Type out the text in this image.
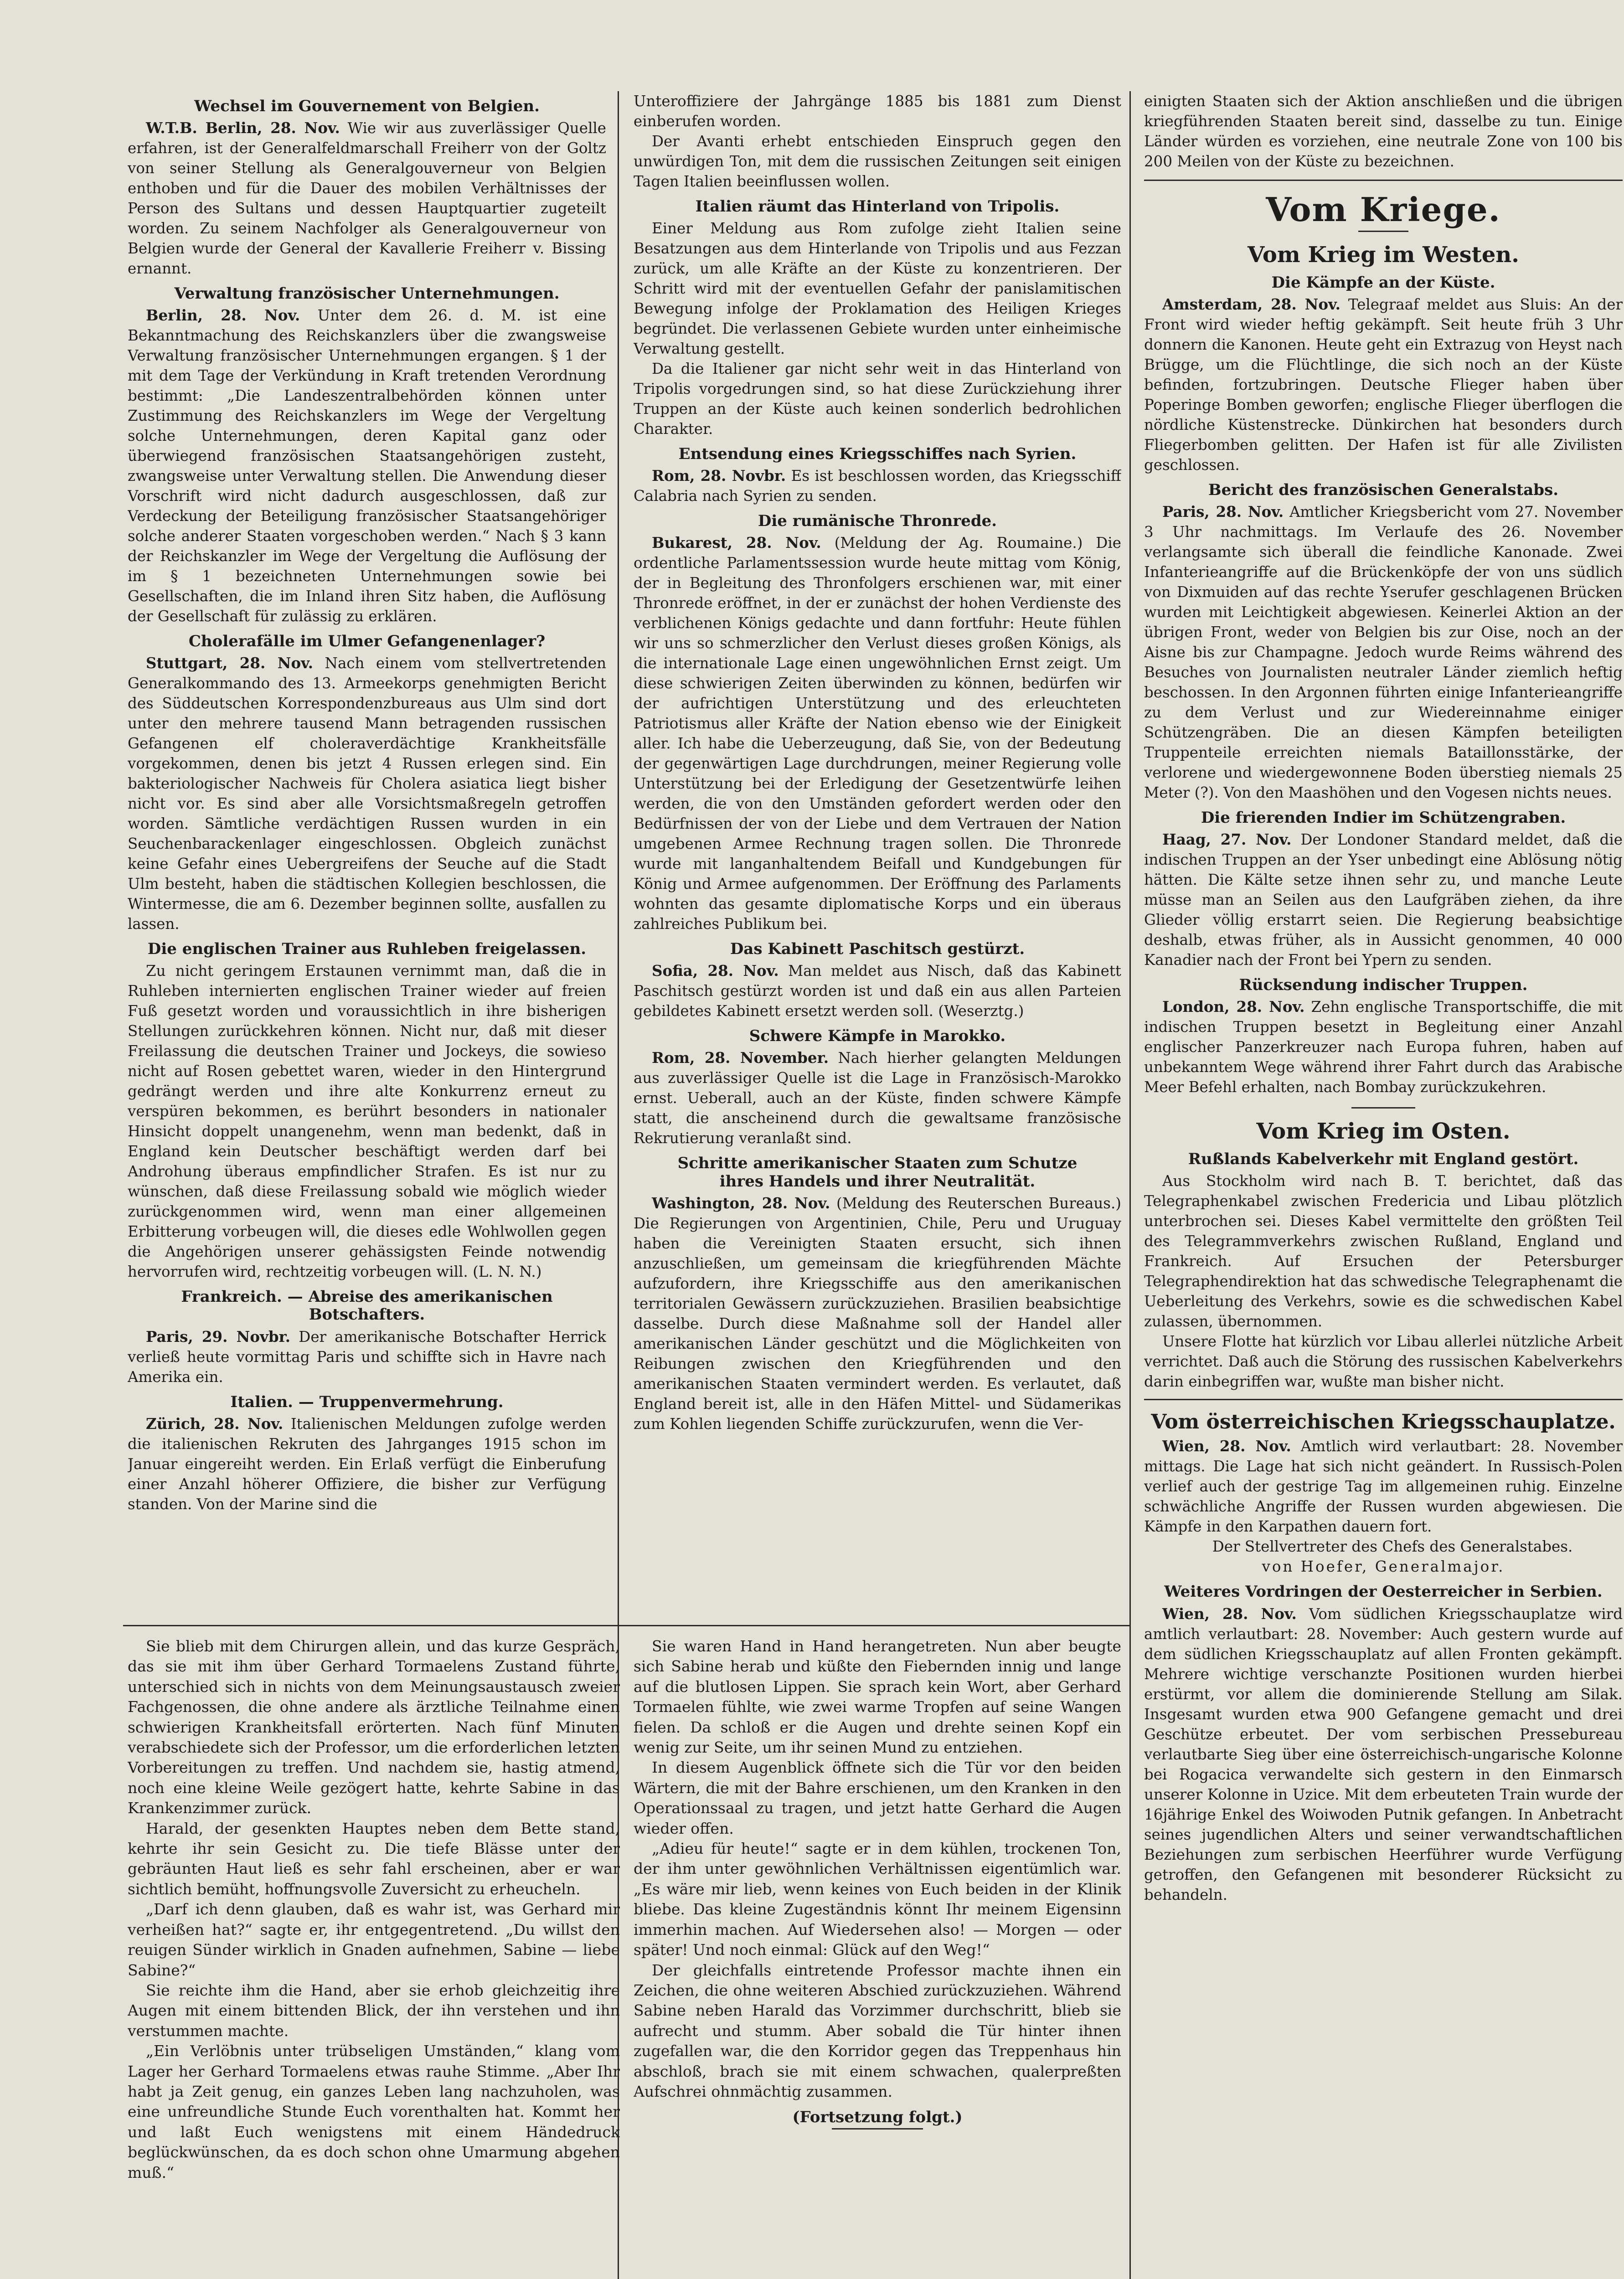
Wechsel im Gouvernement von Belgien.

W.T.B. Berlin, 28. Nov. Wie wir aus zuverlässiger Quelle erfahren, ist der Generalfeldmarschall Freiherr von der Goltz von seiner Stellung als Generalgouverneur von Belgien enthoben und für die Dauer des mobilen Verhältnisses der Person des Sultans und dessen Hauptquartier zugeteilt worden. Zu seinem Nachfolger als Generalgouverneur von Belgien wurde der General der Kavallerie Freiherr v. Bissing ernannt.

Verwaltung französischer Unternehmungen.

Berlin, 28. Nov. Unter dem 26. d. M. ist eine Bekanntmachung des Reichskanzlers über die zwangsweise Verwaltung französischer Unternehmungen ergangen. § 1 der mit dem Tage der Verkündung in Kraft tretenden Verordnung bestimmt: „Die Landeszentralbehörden können unter Zustimmung des Reichskanzlers im Wege der Vergeltung solche Unternehmungen, deren Kapital ganz oder überwiegend französischen Staatsangehörigen zusteht, zwangsweise unter Verwaltung stellen. Die Anwendung dieser Vorschrift wird nicht dadurch ausgeschlossen, daß zur Verdeckung der Beteiligung französischer Staatsangehöriger solche anderer Staaten vorgeschoben werden.“ Nach § 3 kann der Reichskanzler im Wege der Vergeltung die Auflösung der im § 1 bezeichneten Unternehmungen sowie bei Gesellschaften, die im Inland ihren Sitz haben, die Auflösung der Gesellschaft für zulässig zu erklären.

Cholerafälle im Ulmer Gefangenenlager?

Stuttgart, 28. Nov. Nach einem vom stellvertretenden Generalkommando des 13. Armeekorps genehmigten Bericht des Süddeutschen Korrespondenzbureaus aus Ulm sind dort unter den mehrere tausend Mann betragenden russischen Gefangenen elf choleraverdächtige Krankheitsfälle vorgekommen, denen bis jetzt 4 Russen erlegen sind. Ein bakteriologischer Nachweis für Cholera asiatica liegt bisher nicht vor. Es sind aber alle Vorsichtsmaßregeln getroffen worden. Sämtliche verdächtigen Russen wurden in ein Seuchenbarackenlager eingeschlossen. Obgleich zunächst keine Gefahr eines Uebergreifens der Seuche auf die Stadt Ulm besteht, haben die städtischen Kollegien beschlossen, die Wintermesse, die am 6. Dezember beginnen sollte, ausfallen zu lassen.

Die englischen Trainer aus Ruhleben freigelassen.

Zu nicht geringem Erstaunen vernimmt man, daß die in Ruhleben internierten englischen Trainer wieder auf freien Fuß gesetzt worden und voraussichtlich in ihre bisherigen Stellungen zurückkehren können. Nicht nur, daß mit dieser Freilassung die deutschen Trainer und Jockeys, die sowieso nicht auf Rosen gebettet waren, wieder in den Hintergrund gedrängt werden und ihre alte Konkurrenz erneut zu verspüren bekommen, es berührt besonders in nationaler Hinsicht doppelt unangenehm, wenn man bedenkt, daß in England kein Deutscher beschäftigt werden darf bei Androhung überaus empfindlicher Strafen. Es ist nur zu wünschen, daß diese Freilassung sobald wie möglich wieder zurückgenommen wird, wenn man einer allgemeinen Erbitterung vorbeugen will, die dieses edle Wohlwollen gegen die Angehörigen unserer gehässigsten Feinde notwendig hervorrufen wird, rechtzeitig vorbeugen will. (L. N. N.)

Frankreich. — Abreise des amerikanischen Botschafters.

Paris, 29. Novbr. Der amerikanische Botschafter Herrick verließ heute vormittag Paris und schiffte sich in Havre nach Amerika ein.

Italien. — Truppenvermehrung.

Zürich, 28. Nov. Italienischen Meldungen zufolge werden die italienischen Rekruten des Jahrganges 1915 schon im Januar eingereiht werden. Ein Erlaß verfügt die Einberufung einer Anzahl höherer Offiziere, die bisher zur Verfügung standen. Von der Marine sind die

Unteroffiziere der Jahrgänge 1885 bis 1881 zum Dienst einberufen worden.

Der Avanti erhebt entschieden Einspruch gegen den unwürdigen Ton, mit dem die russischen Zeitungen seit einigen Tagen Italien beeinflussen wollen.

Italien räumt das Hinterland von Tripolis.

Einer Meldung aus Rom zufolge zieht Italien seine Besatzungen aus dem Hinterlande von Tripolis und aus Fezzan zurück, um alle Kräfte an der Küste zu konzentrieren. Der Schritt wird mit der eventuellen Gefahr der panislamitischen Bewegung infolge der Proklamation des Heiligen Krieges begründet. Die verlassenen Gebiete wurden unter einheimische Verwaltung gestellt.

Da die Italiener gar nicht sehr weit in das Hinterland von Tripolis vorgedrungen sind, so hat diese Zurückziehung ihrer Truppen an der Küste auch keinen sonderlich bedrohlichen Charakter.

Entsendung eines Kriegsschiffes nach Syrien.

Rom, 28. Novbr. Es ist beschlossen worden, das Kriegsschiff Calabria nach Syrien zu senden.

Die rumänische Thronrede.

Bukarest, 28. Nov. (Meldung der Ag. Roumaine.) Die ordentliche Parlamentssession wurde heute mittag vom König, der in Begleitung des Thronfolgers erschienen war, mit einer Thronrede eröffnet, in der er zunächst der hohen Verdienste des verblichenen Königs gedachte und dann fortfuhr: Heute fühlen wir uns so schmerzlicher den Verlust dieses großen Königs, als die internationale Lage einen ungewöhnlichen Ernst zeigt. Um diese schwierigen Zeiten überwinden zu können, bedürfen wir der aufrichtigen Unterstützung und des erleuchteten Patriotismus aller Kräfte der Nation ebenso wie der Einigkeit aller. Ich habe die Ueberzeugung, daß Sie, von der Bedeutung der gegenwärtigen Lage durchdrungen, meiner Regierung volle Unterstützung bei der Erledigung der Gesetzentwürfe leihen werden, die von den Umständen gefordert werden oder den Bedürfnissen der von der Liebe und dem Vertrauen der Nation umgebenen Armee Rechnung tragen sollen. Die Thronrede wurde mit langanhaltendem Beifall und Kundgebungen für König und Armee aufgenommen. Der Eröffnung des Parlaments wohnten das gesamte diplomatische Korps und ein überaus zahlreiches Publikum bei.

Das Kabinett Paschitsch gestürzt.

Sofia, 28. Nov. Man meldet aus Nisch, daß das Kabinett Paschitsch gestürzt worden ist und daß ein aus allen Parteien gebildetes Kabinett ersetzt werden soll. (Weserztg.)

Schwere Kämpfe in Marokko.

Rom, 28. November. Nach hierher gelangten Meldungen aus zuverlässiger Quelle ist die Lage in Französisch-Marokko ernst. Ueberall, auch an der Küste, finden schwere Kämpfe statt, die anscheinend durch die gewaltsame französische Rekrutierung veranlaßt sind.

Schritte amerikanischer Staaten zum Schutze
ihres Handels und ihrer Neutralität.

Washington, 28. Nov. (Meldung des Reuterschen Bureaus.) Die Regierungen von Argentinien, Chile, Peru und Uruguay haben die Vereinigten Staaten ersucht, sich ihnen anzuschließen, um gemeinsam die kriegführenden Mächte aufzufordern, ihre Kriegsschiffe aus den amerikanischen territorialen Gewässern zurückzuziehen. Brasilien beabsichtige dasselbe. Durch diese Maßnahme soll der Handel aller amerikanischen Länder geschützt und die Möglichkeiten von Reibungen zwischen den Kriegführenden und den amerikanischen Staaten vermindert werden. Es verlautet, daß England bereit ist, alle in den Häfen Mittel- und Südamerikas zum Kohlen liegenden Schiffe zurückzurufen, wenn die Ver-

einigten Staaten sich der Aktion anschließen und die übrigen kriegführenden Staaten bereit sind, dasselbe zu tun. Einige Länder würden es vorziehen, eine neutrale Zone von 100 bis 200 Meilen von der Küste zu bezeichnen.

Vom Kriege.
Vom Krieg im Westen.
Die Kämpfe an der Küste.

Amsterdam, 28. Nov. Telegraaf meldet aus Sluis: An der Front wird wieder heftig gekämpft. Seit heute früh 3 Uhr donnern die Kanonen. Heute geht ein Extrazug von Heyst nach Brügge, um die Flüchtlinge, die sich noch an der Küste befinden, fortzubringen. Deutsche Flieger haben über Poperinge Bomben geworfen; englische Flieger überflogen die nördliche Küstenstrecke. Dünkirchen hat besonders durch Fliegerbomben gelitten. Der Hafen ist für alle Zivilisten geschlossen.

Bericht des französischen Generalstabs.

Paris, 28. Nov. Amtlicher Kriegsbericht vom 27. November 3 Uhr nachmittags. Im Verlaufe des 26. November verlangsamte sich überall die feindliche Kanonade. Zwei Infanterieangriffe auf die Brückenköpfe der von uns südlich von Dixmuiden auf das rechte Yserufer geschlagenen Brücken wurden mit Leichtigkeit abgewiesen. Keinerlei Aktion an der übrigen Front, weder von Belgien bis zur Oise, noch an der Aisne bis zur Champagne. Jedoch wurde Reims während des Besuches von Journalisten neutraler Länder ziemlich heftig beschossen. In den Argonnen führten einige Infanterieangriffe zu dem Verlust und zur Wiedereinnahme einiger Schützengräben. Die an diesen Kämpfen beteiligten Truppenteile erreichten niemals Bataillonsstärke, der verlorene und wiedergewonnene Boden überstieg niemals 25 Meter (?). Von den Maashöhen und den Vogesen nichts neues.

Die frierenden Indier im Schützengraben.

Haag, 27. Nov. Der Londoner Standard meldet, daß die indischen Truppen an der Yser unbedingt eine Ablösung nötig hätten. Die Kälte setze ihnen sehr zu, und manche Leute müsse man an Seilen aus den Laufgräben ziehen, da ihre Glieder völlig erstarrt seien. Die Regierung beabsichtige deshalb, etwas früher, als in Aussicht genommen, 40 000 Kanadier nach der Front bei Ypern zu senden.

Rücksendung indischer Truppen.

London, 28. Nov. Zehn englische Transportschiffe, die mit indischen Truppen besetzt in Begleitung einer Anzahl englischer Panzerkreuzer nach Europa fuhren, haben auf unbekanntem Wege während ihrer Fahrt durch das Arabische Meer Befehl erhalten, nach Bombay zurückzukehren.

Vom Krieg im Osten.
Rußlands Kabelverkehr mit England gestört.

Aus Stockholm wird nach B. T. berichtet, daß das Telegraphenkabel zwischen Fredericia und Libau plötzlich unterbrochen sei. Dieses Kabel vermittelte den größten Teil des Telegrammverkehrs zwischen Rußland, England und Frankreich. Auf Ersuchen der Petersburger Telegraphendirektion hat das schwedische Telegraphenamt die Ueberleitung des Verkehrs, sowie es die schwedischen Kabel zulassen, übernommen.

Unsere Flotte hat kürzlich vor Libau allerlei nützliche Arbeit verrichtet. Daß auch die Störung des russischen Kabelverkehrs darin einbegriffen war, wußte man bisher nicht.

Vom österreichischen Kriegsschauplatze.

Wien, 28. Nov. Amtlich wird verlautbart: 28. November mittags. Die Lage hat sich nicht geändert. In Russisch-Polen verlief auch der gestrige Tag im allgemeinen ruhig. Einzelne schwächliche Angriffe der Russen wurden abgewiesen. Die Kämpfe in den Karpathen dauern fort.

Der Stellvertreter des Chefs des Generalstabes.

von Hoefer, Generalmajor.

Weiteres Vordringen der Oesterreicher in Serbien.

Wien, 28. Nov. Vom südlichen Kriegsschauplatze wird amtlich verlautbart: 28. November: Auch gestern wurde auf dem südlichen Kriegsschauplatz auf allen Fronten gekämpft. Mehrere wichtige verschanzte Positionen wurden hierbei erstürmt, vor allem die dominierende Stellung am Silak. Insgesamt wurden etwa 900 Gefangene gemacht und drei Geschütze erbeutet. Der vom serbischen Pressebureau verlautbarte Sieg über eine österreichisch-ungarische Kolonne bei Rogacica verwandelte sich gestern in den Einmarsch unserer Kolonne in Uzice. Mit dem erbeuteten Train wurde der 16jährige Enkel des Woiwoden Putnik gefangen. In Anbetracht seines jugendlichen Alters und seiner verwandtschaftlichen Beziehungen zum serbischen Heerführer wurde Verfügung getroffen, den Gefangenen mit besonderer Rücksicht zu behandeln.

Sie blieb mit dem Chirurgen allein, und das kurze Gespräch, das sie mit ihm über Gerhard Tormaelens Zustand führte, unterschied sich in nichts von dem Meinungsaustausch zweier Fachgenossen, die ohne andere als ärztliche Teilnahme einen schwierigen Krankheitsfall erörterten. Nach fünf Minuten verabschiedete sich der Professor, um die erforderlichen letzten Vorbereitungen zu treffen. Und nachdem sie, hastig atmend, noch eine kleine Weile gezögert hatte, kehrte Sabine in das Krankenzimmer zurück.

Harald, der gesenkten Hauptes neben dem Bette stand, kehrte ihr sein Gesicht zu. Die tiefe Blässe unter der gebräunten Haut ließ es sehr fahl erscheinen, aber er war sichtlich bemüht, hoffnungsvolle Zuversicht zu erheucheln.

„Darf ich denn glauben, daß es wahr ist, was Gerhard mir verheißen hat?“ sagte er, ihr entgegentretend. „Du willst den reuigen Sünder wirklich in Gnaden aufnehmen, Sabine — liebe Sabine?“

Sie reichte ihm die Hand, aber sie erhob gleichzeitig ihre Augen mit einem bittenden Blick, der ihn verstehen und ihn verstummen machte.

„Ein Verlöbnis unter trübseligen Umständen,“ klang vom Lager her Gerhard Tormaelens etwas rauhe Stimme. „Aber Ihr habt ja Zeit genug, ein ganzes Leben lang nachzuholen, was eine unfreundliche Stunde Euch vorenthalten hat. Kommt her und laßt Euch wenigstens mit einem Händedruck beglückwünschen, da es doch schon ohne Umarmung abgehen muß.“

Sie waren Hand in Hand herangetreten. Nun aber beugte sich Sabine herab und küßte den Fiebernden innig und lange auf die blutlosen Lippen. Sie sprach kein Wort, aber Gerhard Tormaelen fühlte, wie zwei warme Tropfen auf seine Wangen fielen. Da schloß er die Augen und drehte seinen Kopf ein wenig zur Seite, um ihr seinen Mund zu entziehen.

In diesem Augenblick öffnete sich die Tür vor den beiden Wärtern, die mit der Bahre erschienen, um den Kranken in den Operationssaal zu tragen, und jetzt hatte Gerhard die Augen wieder offen.

„Adieu für heute!“ sagte er in dem kühlen, trockenen Ton, der ihm unter gewöhnlichen Verhältnissen eigentümlich war. „Es wäre mir lieb, wenn keines von Euch beiden in der Klinik bliebe. Das kleine Zugeständnis könnt Ihr meinem Eigensinn immerhin machen. Auf Wiedersehen also! — Morgen — oder später! Und noch einmal: Glück auf den Weg!“

Der gleichfalls eintretende Professor machte ihnen ein Zeichen, die ohne weiteren Abschied zurückzuziehen. Während Sabine neben Harald das Vorzimmer durchschritt, blieb sie aufrecht und stumm. Aber sobald die Tür hinter ihnen zugefallen war, die den Korridor gegen das Treppenhaus hin abschloß, brach sie mit einem schwachen, qualerpreßten Aufschrei ohnmächtig zusammen.

(Fortsetzung folgt.)
